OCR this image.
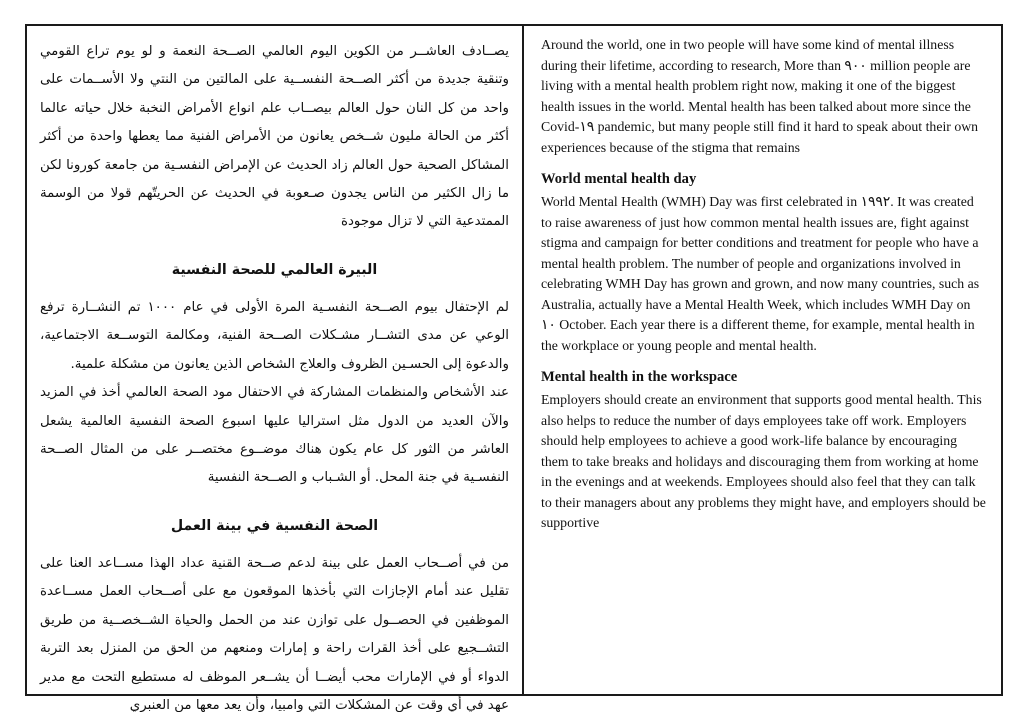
يصــادف العاشــر من الكوين اليوم العالمي الصــحة النعمة و لو يوم تراع القومي وتنقية جديدة من أكثر الصــحة النفســية على المالتين من النتي ولا الأســمات على واحد من كل النان حول العالم بيصــاب علم انواع الأمراض النخبة خلال حياته عالما أكثر من الحالة مليون شــخص يعانون من الأمراض الفنية مما يعطها واحدة من أكثر المشاكل الصحية حول العالم زاد الحديث عن الإمراض النفسـية من جامعة كورونا لكن ما زال الكثير من الناس يجدون صـعوبة في الحديث عن الحريتّهم قولا من الوسمة الممتدعية التي لا تزال موجودة

البيرة العالمي للصحة النفسية

لم الإحتفال بيوم الصــحة النفسـية المرة الأولى في عام ١٠٠٠ تم النشــارة ترفع الوعي عن مدى التشــار مشـكلات الصــحة الفنية، ومكالمة التوســعة الاجتماعية، والدعوة إلى الحسـين الظروف والعلاج الشخاص الذين يعانون من مشكلة علمية.

عند الأشخاص والمنظمات المشاركة في الاحتفال مود الصحة العالمي أخذ في المزيد والآن العديد من الدول مثل استراليا عليها اسبوع الصحة النفسية العالمية يشعل العاشر من الثور كل عام يكون هناك موضــوع مختصــر على من المثال الصــحة النفسـية في جنة المحل. أو الشـباب و الصــحة النفسية

الصحة النفسية في بينة العمل

من في أصــحاب العمل على بينة لدعم صــحة القنية عداد الهذا مســاعد العنا على تقليل عند أمام الإجازات التي بأخذها الموقعون مع على أصــحاب العمل مســاعدة الموظفين في الحصــول على توازن عند من الحمل والحياة الشــخصــية من طريق التشــجيع على أخذ القرات راحة و إمارات ومنعهم من الحق من المنزل بعد التربة الدواء أو في الإمارات محب أيضــا أن يشــعر الموظف له مستطيع التحت مع مدير عهد في أي وقت عن المشكلات التي وامبيا، وأن يعد معها من العنبري

Around the world, one in two people will have some kind of mental illness during their lifetime, according to research, More than ٩٠٠ million people are living with a mental health problem right now, making it one of the biggest health issues in the world. Mental health has been talked about more since the Covid-١٩ pandemic, but many people still find it hard to speak about their own experiences because of the stigma that remains

World mental health day

World Mental Health (WMH) Day was first celebrated in ١٩٩٢. It was created to raise awareness of just how common mental health issues are, fight against stigma and campaign for better conditions and treatment for people who have a mental health problem. The number of people and organizations involved in celebrating WMH Day has grown and grown, and now many countries, such as Australia, actually have a Mental Health Week, which includes WMH Day on ١٠ October. Each year there is a different theme, for example, mental health in the workplace or young people and mental health.

Mental health in the workspace

Employers should create an environment that supports good mental health. This also helps to reduce the number of days employees take off work. Employers should help employees to achieve a good work-life balance by encouraging them to take breaks and holidays and discouraging them from working at home in the evenings and at weekends. Employees should also feel that they can talk to their managers about any problems they might have, and employers should be supportive
